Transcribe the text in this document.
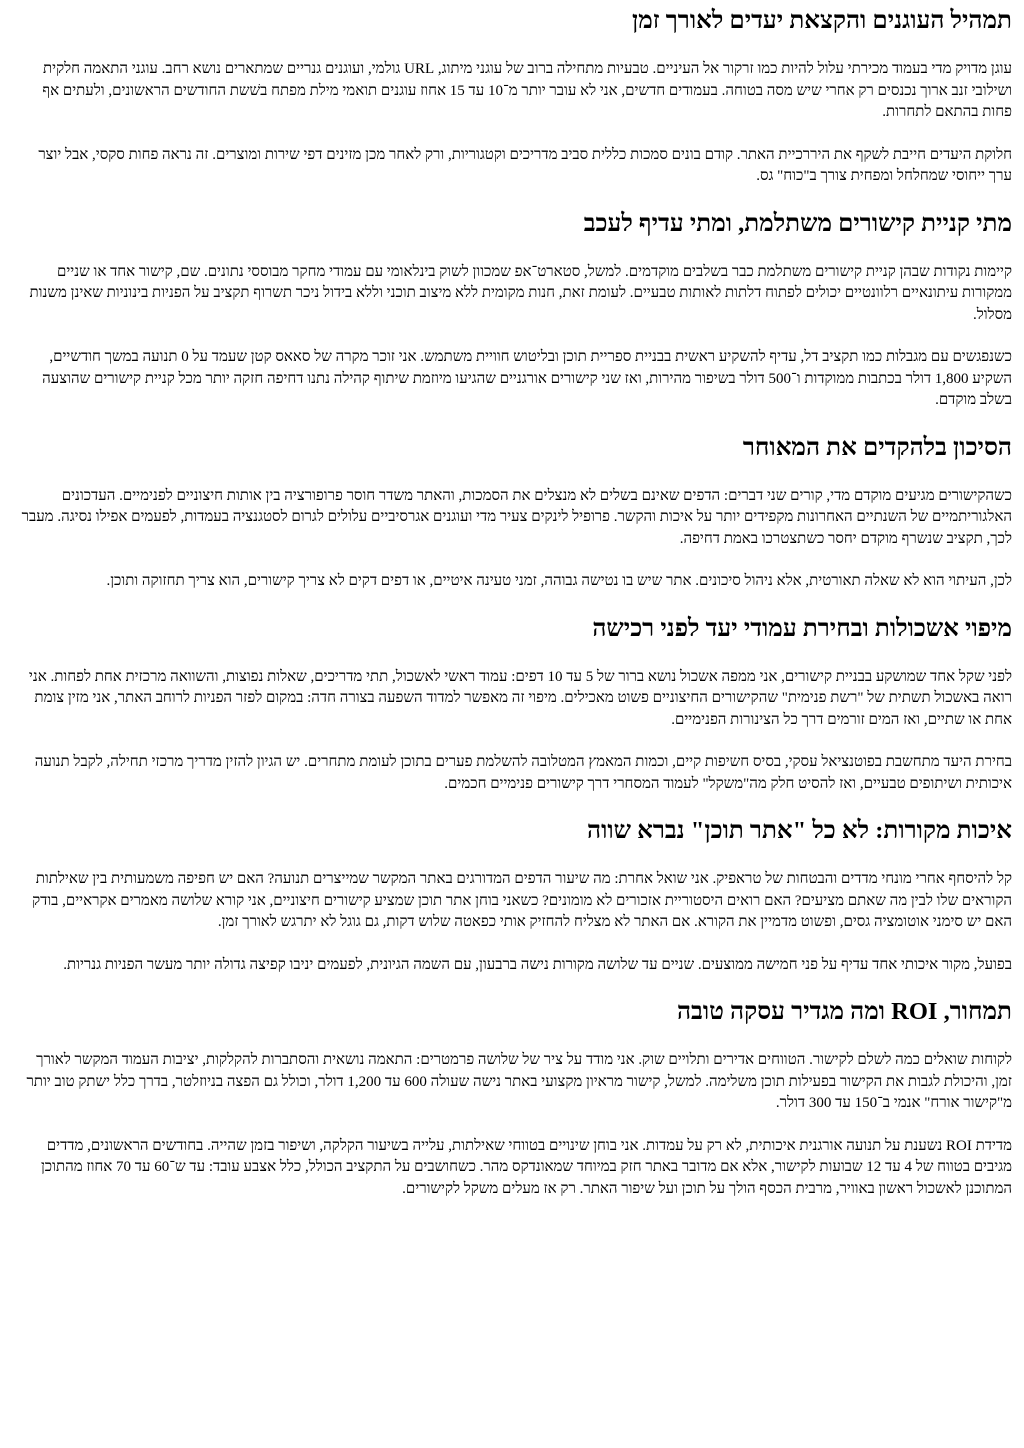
תמהיל העוגנים והקצאת יעדים לאורך זמן

עוגן מדויק מדי בעמוד מכירתי עלול להיות כמו זרקור אל העיניים. טבעיות מתחילה ברוב של עוגני מיתוג, URL גולמי, ועוגנים גנריים שמתארים נושא רחב. עוגני התאמה חלקית ושילובי זנב ארוך נכנסים רק אחרי שיש מסה בטוחה. בעמודים חדשים, אני לא עובר יותר מ־10 עד 15 אחוז עוגנים תואמי מילת מפתח בשׁשת החודשים הראשונים, ולעתים אף פחות בהתאם לתחרות.

חלוקת היעדים חייבת לשקף את היררכיית האתר. קודם בונים סמכות כללית סביב מדריכים וקטגוריות, ורק לאחר מכן מזינים דפי שירות ומוצרים. זה נראה פחות סקסי, אבל יוצר ערך ייחוסי שמחלחל ומפחית צורך ב"כוח" גס.

מתי קניית קישורים משתלמת, ומתי עדיף לעכב

קיימות נקודות שבהן קניית קישורים משתלמת כבר בשלבים מוקדמים. למשל, סטארט־אפ שמכוון לשוק בינלאומי עם עמודי מחקר מבוססי נתונים. שם, קישור אחד או שניים ממקורות עיתונאיים רלוונטיים יכולים לפתוח דלתות לאותות טבעיים. לעומת זאת, חנות מקומית ללא מיצוב תוכני וללא בידול ניכר תשרוף תקציב על הפניות בינוניות שאינן משנות מסלול.

כשנפגשים עם מגבלות כמו תקציב דל, עדיף להשקיע ראשית בבניית ספריית תוכן ובליטוש חוויית משתמש. אני זוכר מקרה של סאאס קטן שעמד על 0 תנועה במשך חודשיים, השקיע 1,800 דולר בכתבות ממוקדות ו־500 דולר בשיפור מהירות, ואז שני קישורים אורגניים שהגיעו מיוזמת שיתוף קהילה נתנו דחיפה חזקה יותר מכל קניית קישורים שהוצעה בשלב מוקדם.

הסיכון בלהקדים את המאוחר

כשהקישורים מגיעים מוקדם מדי, קורים שני דברים: הדפים שאינם בשלים לא מנצלים את הסמכות, והאתר משדר חוסר פרופורציה בין אותות חיצוניים לפנימיים. העדכונים האלגוריתמיים של השנתיים האחרונות מקפידים יותר על איכות והקשר. פרופיל לינקים צעיר מדי ועוגנים אגרסיביים עלולים לגרום לסטגנציה בעמדות, לפעמים אפילו נסיגה. מעבר לכך, תקציב שנשרף מוקדם יחסר כשתצטרכו באמת דחיפה.

לכן, העיתוי הוא לא שאלה תאורטית, אלא ניהול סיכונים. אתר שיש בו נטישה גבוהה, זמני טעינה איטיים, או דפים דקים לא צריך קישורים, הוא צריך תחזוקה ותוכן.

מיפוי אשכולות ובחירת עמודי יעד לפני רכישה

לפני שקל אחד שמושקע בבניית קישורים, אני ממפה אשכול נושא ברור של 5 עד 10 דפים: עמוד ראשי לאשכול, תתי מדריכים, שאלות נפוצות, והשוואה מרכזית אחת לפחות. אני רואה באשכול תשתית של "רשת פנימית" שהקישורים החיצוניים פשוט מאכילים. מיפוי זה מאפשר למדוד השפעה בצורה חדה: במקום לפזר הפניות לרוחב האתר, אני מזין צומת אחת או שתיים, ואז המים זורמים דרך כל הצינורות הפנימיים.

בחירת היעד מתחשבת בפוטנציאל עסקי, בסיס חשיפות קיים, וכמות המאמץ המטלובה להשלמת פערים בתוכן לעומת מתחרים. יש הגיון להזין מדריך מרכזי תחילה, לקבל תנועה איכותית ושיתופים טבעיים, ואז להסיט חלק מה"משקל" לעמוד המסחרי דרך קישורים פנימיים חכמים.

איכות מקורות: לא כל "אתר תוכן" נברא שווה

קל להיסחף אחרי מונחי מדדים והבטחות של טראפיק. אני שואל אחרת: מה שיעור הדפים המדורגים באתר המקשר שמייצרים תנועה? האם יש חפיפה משמעותית בין שאילתות הקוראים שלו לבין מה שאתם מציעים? האם רואים היסטוריית אזכורים לא מומונים? כשאני בוחן אתר תוכן שמציע קישורים חיצוניים, אני קורא שלושה מאמרים אקראיים, בודק האם יש סימני אוטומציה גסים, ופשוט מדמיין את הקורא. אם האתר לא מצליח להחזיק אותי כפאטה שלוש דקות, גם גוגל לא יתרגש לאורך זמן.

בפועל, מקור איכותי אחד עדיף על פני חמישה ממוצעים. שניים עד שלושה מקורות נישה ברבעון, עם השמה הגיונית, לפעמים יניבו קפיצה גדולה יותר מעשר הפניות גנריות.

תמחור, ROI ומה מגדיר עסקה טובה

לקוחות שואלים כמה לשלם לקישור. הטווחים אדירים ותלויים שוק. אני מודד על ציר של שלושה פרמטרים: התאמה נושאית והסתברות להקלקות, יציבות העמוד המקשר לאורך זמן, והיכולת לגבות את הקישור בפעילות תוכן משלימה. למשל, קישור מראיון מקצועי באתר נישה שעולה 600 עד 1,200 דולר, וכולל גם הפצה בניוזלטר, בדרך כלל ישתק טוב יותר מ"קישור אורח" אנמי ב־150 עד 300 דולר.

מדידת ROI נשענת על תנועה אורגנית איכותית, לא רק על עמדות. אני בוחן שינויים בטווחי שאילתות, עלייה בשיעור הקלקה, ושיפור בזמן שהייה. בחודשים הראשונים, מדדים מגיבים בטווח של 4 עד 12 שבועות לקישור, אלא אם מדובר באתר חזק במיוחד שמאונדקס מהר. כשחושבים על התקציב הכולל, כלל אצבע עובד: עד ש־60 עד 70 אחוז מהתוכן המתוכנן לאשכול ראשון באוויר, מרבית הכסף הולך על תוכן ועל שיפור האתר. רק אז מעלים משקל לקישורים.
